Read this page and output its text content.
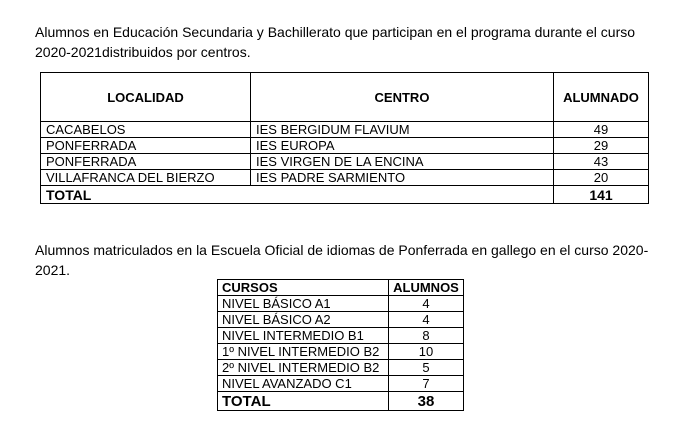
Alumnos en Educación Secundaria y Bachillerato que participan en el programa durante el curso 2020-2021distribuidos por centros.

LOCALIDAD	CENTRO	ALUMNADO
CACABELOS	IES BERGIDUM FLAVIUM	49
PONFERRADA	IES EUROPA	29
PONFERRADA	IES VIRGEN DE LA ENCINA	43
VILLAFRANCA DEL BIERZO	IES PADRE SARMIENTO	20
TOTAL		141

Alumnos matriculados en la Escuela Oficial de idiomas de Ponferrada en gallego en el curso 2020-2021.

CURSOS	ALUMNOS
NIVEL BÁSICO A1	4
NIVEL BÁSICO A2	4
NIVEL INTERMEDIO B1	8
1º NIVEL INTERMEDIO B2	10
2º NIVEL INTERMEDIO B2	5
NIVEL AVANZADO C1	7
TOTAL	38
